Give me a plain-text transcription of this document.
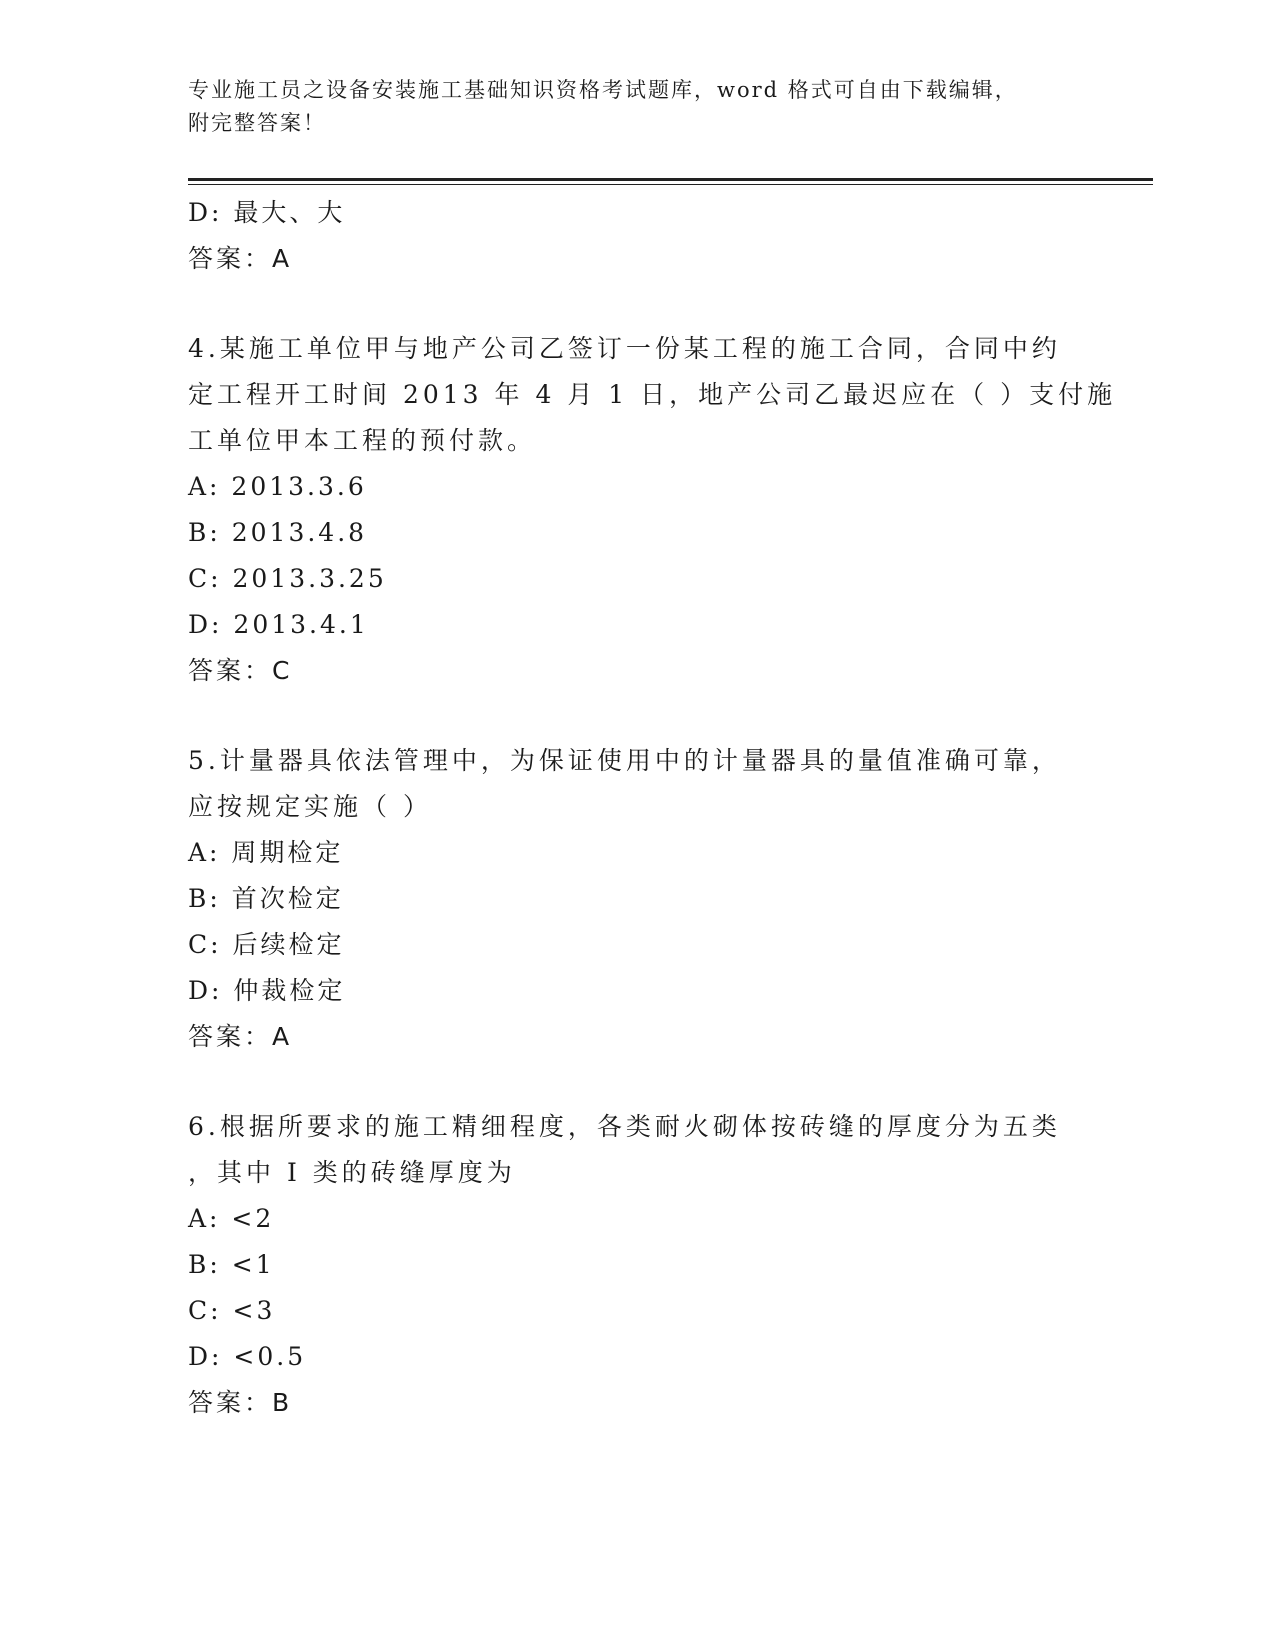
专业施工员之设备安装施工基础知识资格考试题库，word 格式可自由下载编辑，
附完整答案！
D: 最大、大
答案：A
4.某施工单位甲与地产公司乙签订一份某工程的施工合同，合同中约
定工程开工时间 2013 年 4 月 1 日，地产公司乙最迟应在（ ）支付施
工单位甲本工程的预付款。
A: 2013.3.6
B: 2013.4.8
C: 2013.3.25
D: 2013.4.1
答案：C
5.计量器具依法管理中，为保证使用中的计量器具的量值准确可靠，
应按规定实施（ ）
A: 周期检定
B: 首次检定
C: 后续检定
D: 仲裁检定
答案：A
6.根据所要求的施工精细程度，各类耐火砌体按砖缝的厚度分为五类
，其中 I 类的砖缝厚度为
A: <2
B: <1
C: <3
D: <0.5
答案：B
